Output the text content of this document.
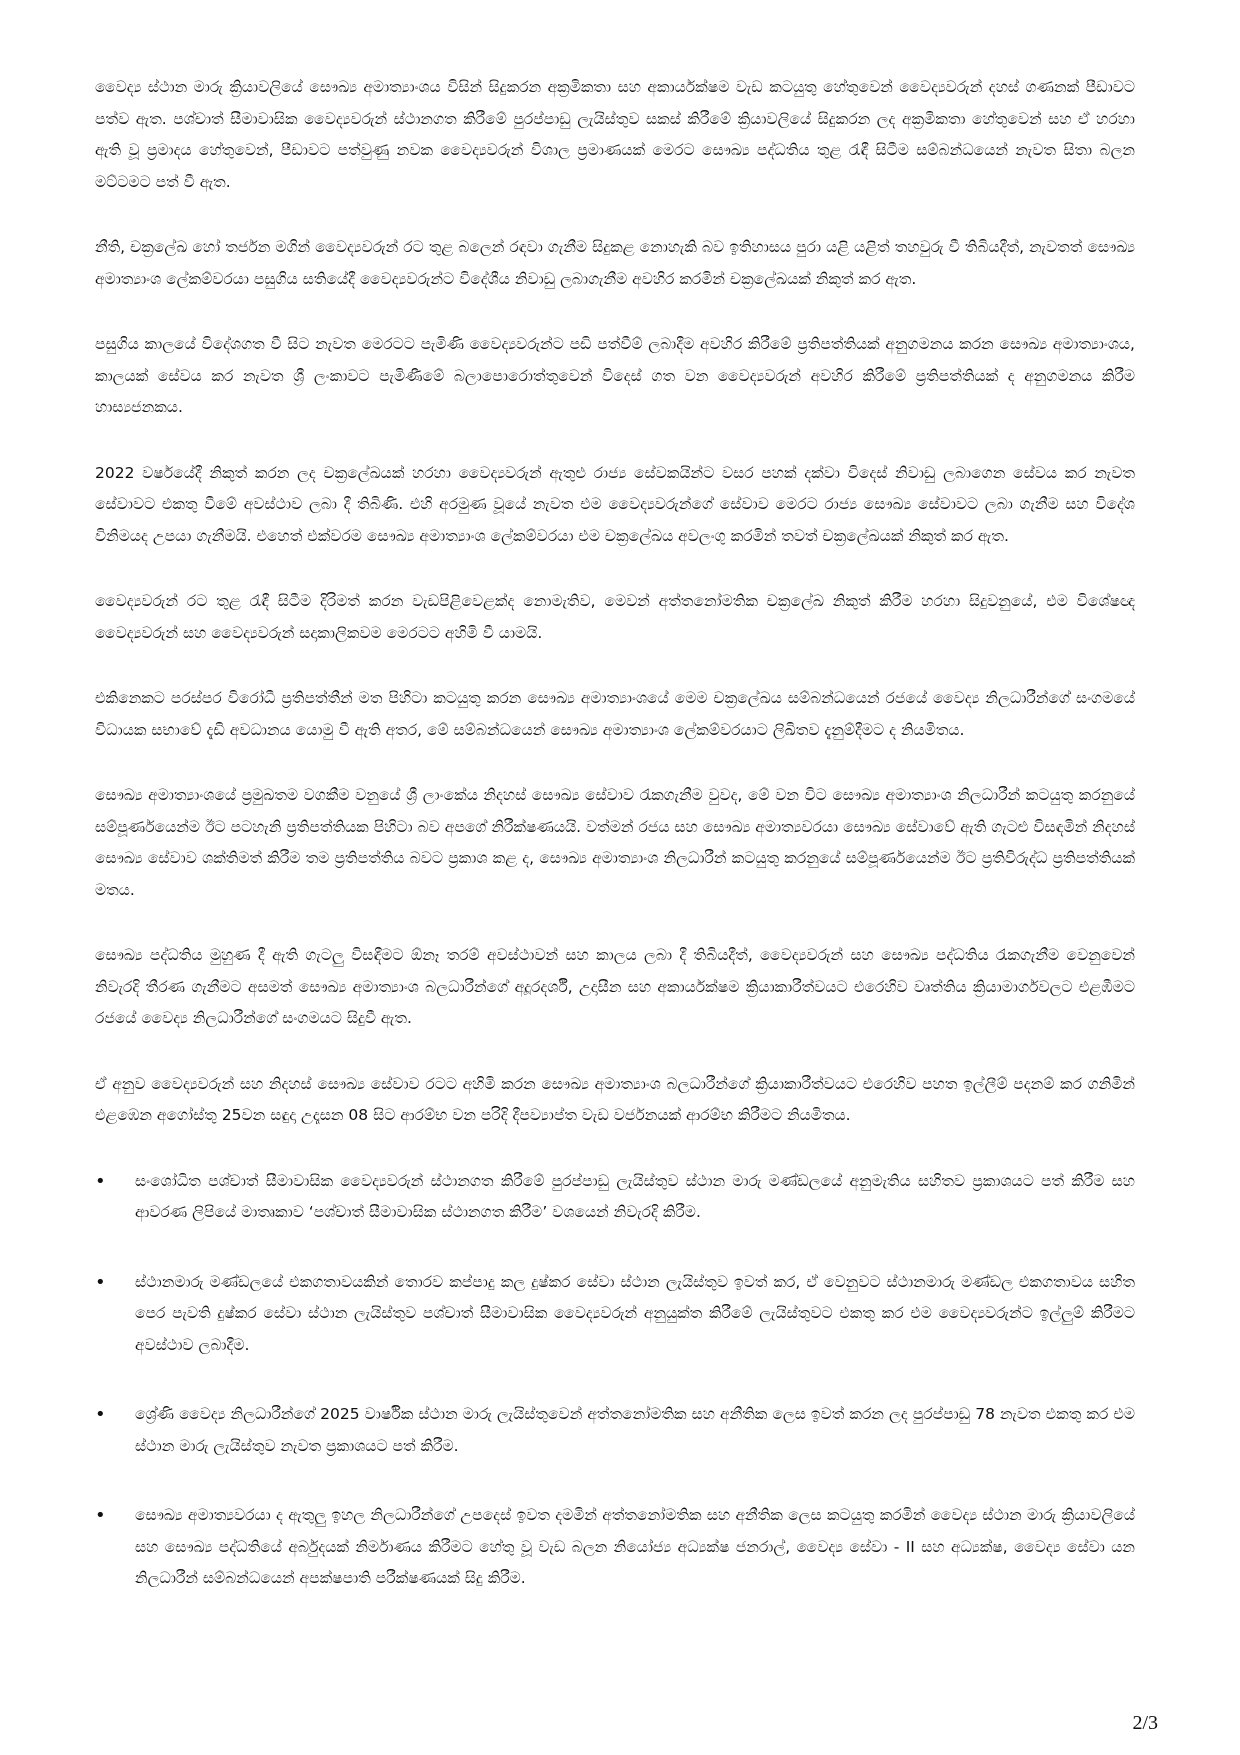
වෛද්‍ය ස්ථාන මාරු ක්‍රියාවලියේ සෞඛ්‍ය අමාත්‍යාංශය විසින් සිදුකරන අක්‍රමිකතා සහ අකාර්යක්ෂම වැඩ කටයුතු හේතුවෙන් වෛද්‍යවරුන් දහස් ගණනක් පීඩාවට පත්ව ඇත. පශ්චාත් සීමාවාසික වෛද්‍යවරුන් ස්ථානගත කිරීමේ පුරප්පාඩු ලැයිස්තුව සකස් කිරීමේ ක්‍රියාවලියේ සිදුකරන ලද අක්‍රමිකතා හේතුවෙන් සහ ඒ හරහා ඇති වූ ප්‍රමාදය හේතුවෙන්, පීඩාවට පත්වුණු නවක වෛද්‍යවරුන් විශාල ප්‍රමාණයක් මෙරට සෞඛ්‍ය පද්ධතිය තුළ රැඳී සිටීම සම්බන්ධයෙන් නැවත සිතා බලන මට්ටමට පත් වී ඇත.

නීති, චක්‍රලේඛ හෝ තර්ජන මගින් වෛද්‍යවරුන් රට තුළ බලෙන් රඳවා ගැනීම සිදුකළ නොහැකි බව ඉතිහාසය පුරා යළි යළිත් තහවුරු වී තිබියදීත්, නැවතත් සෞඛ්‍ය අමාත්‍යාංශ ලේකම්වරයා පසුගිය සතියේදී වෛද්‍යවරුන්ට විදේශීය නිවාඩු ලබාගැනීම අවහිර කරමින් චක්‍රලේඛයක් නිකුත් කර ඇත.

පසුගිය කාලයේ විදේශගත වී සිට නැවත මෙරටට පැමිණි වෛද්‍යවරුන්ට පඩි පත්වීම් ලබාදීම අවහිර කිරීමේ ප්‍රතිපත්තියක් අනුගමනය කරන සෞඛ්‍ය අමාත්‍යාංශය, කාලයක් සේවය කර නැවත ශ්‍රී ලංකාවට පැමිණීමේ බලාපොරොත්තුවෙන් විදෙස් ගත වන වෛද්‍යවරුන් අවහිර කිරීමේ ප්‍රතිපත්තියක් ද අනුගමනය කිරීම හාස්‍යජනකය.

2022 වර්ෂයේදී නිකුත් කරන ලද චක්‍රලේඛයක් හරහා වෛද්‍යවරුන් ඇතුළු රාජ්‍ය සේවකයින්ට වසර පහක් දක්වා විදෙස් නිවාඩු ලබාගෙන සේවය කර නැවත සේවාවට එකතු වීමේ අවස්ථාව ලබා දී තිබිණි. එහි අරමුණ වූයේ නැවත එම වෛද්‍යවරුන්ගේ සේවාව මෙරට රාජ්‍ය සෞඛ්‍ය සේවාවට ලබා ගැනීම සහ විදේශ විනිමයද උපයා ගැනීමයි. එහෙත් එක්වරම සෞඛ්‍ය අමාත්‍යාංශ ලේකම්වරයා එම චක්‍රලේඛය අවලංගු කරමින් තවත් චක්‍රලේඛයක් නිකුත් කර ඇත.

වෛද්‍යවරුන් රට තුළ රැඳී සිටීම දිරිමත් කරන වැඩපිළිවෙළක්ද නොමැතිව, මෙවන් අත්තනෝමතික චක්‍රලේඛ නිකුත් කිරීම හරහා සිදුවනුයේ, එම විශේෂඥ වෛද්‍යවරුන් සහ වෛද්‍යවරුන් සදාකාලිකවම මෙරටට අහිමි වී යාමයි.

එකිනෙකට පරස්පර විරෝධී ප්‍රතිපත්තීන් මත පිහිටා කටයුතු කරන සෞඛ්‍ය අමාත්‍යාංශයේ මෙම චක්‍රලේඛය සම්බන්ධයෙන් රජයේ වෛද්‍ය නිලධාරීන්ගේ සංගමයේ විධායක සභාවේ දැඩි අවධානය යොමු වී ඇති අතර, මේ සම්බන්ධයෙන් සෞඛ්‍ය අමාත්‍යාංශ ලේකම්වරයාට ලිඛිතව දැනුම්දීමට ද නියමිතය.

සෞඛ්‍ය අමාත්‍යාංශයේ ප්‍රමුඛතම වගකීම වනුයේ ශ්‍රී ලාංකේය නිදහස් සෞඛ්‍ය සේවාව රැකගැනීම වුවද, මේ වන විට සෞඛ්‍ය අමාත්‍යාංශ නිලධාරීන් කටයුතු කරනුයේ සම්පූර්ණයෙන්ම ඊට පටහැනි ප්‍රතිපත්තියක පිහිටා බව අපගේ නිරීක්ෂණයයි. වත්මන් රජය සහ සෞඛ්‍ය අමාත්‍යවරයා සෞඛ්‍ය සේවාවේ ඇති ගැටළු විසඳමින් නිදහස් සෞඛ්‍ය සේවාව ශක්තිමත් කිරීම තම ප්‍රතිපත්තිය බවට ප්‍රකාශ කළ ද, සෞඛ්‍ය අමාත්‍යාංශ නිලධාරීන් කටයුතු කරනුයේ සම්පූර්ණයෙන්ම ඊට ප්‍රතිවිරුද්ධ ප්‍රතිපත්තියක් මතය.

සෞඛ්‍ය පද්ධතිය මුහුණ දී ඇති ගැටලු විසඳීමට ඕනෑ තරම් අවස්ථාවන් සහ කාලය ලබා දී තිබියදීත්, වෛද්‍යවරුන් සහ සෞඛ්‍ය පද්ධතිය රැකගැනීම වෙනුවෙන් නිවැරදි තීරණ ගැනීමට අසමත් සෞඛ්‍ය අමාත්‍යාංශ බලධාරීන්ගේ අදූරදර්ශී, උදාසීන සහ අකාර්යක්ෂම ක්‍රියාකාරීත්වයට එරෙහිව වෘත්තිය ක්‍රියාමාර්ගවලට එළඹීමට රජයේ වෛද්‍ය නිලධාරීන්ගේ සංගමයට සිදුවී ඇත.

ඒ අනුව වෛද්‍යවරුන් සහ නිදහස් සෞඛ්‍ය සේවාව රටට අහිමි කරන සෞඛ්‍ය අමාත්‍යාංශ බලධාරීන්ගේ ක්‍රියාකාරීත්වයට එරෙහිව පහත ඉල්ලීම් පදනම් කර ගනිමින් එළඹෙන අගෝස්තු 25වන සඳුදා උදෑසන 08 සිට ආරම්භ වන පරිදි දීපව්‍යාප්ත වැඩ වර්ජනයක් ආරම්භ කිරීමට නියමිතය.

• සංශෝධිත පශ්චාත් සීමාවාසික වෛද්‍යවරුන් ස්ථානගත කිරීමේ පුරප්පාඩු ලැයිස්තුව ස්ථාන මාරු මණ්ඩලයේ අනුමැතිය සහිතව ප්‍රකාශයට පත් කිරීම සහ ආවරණ ලිපියේ මාතෘකාව ‘පශ්චාත් සීමාවාසික ස්ථානගත කිරීම’ වශයෙන් නිවැරදි කිරීම.
• ස්ථානමාරු මණ්ඩලයේ එකගතාවයකින් තොරව කප්පාදු කල දුෂ්කර සේවා ස්ථාන ලැයිස්තුව ඉවත් කර, ඒ වෙනුවට ස්ථානමාරු මණ්ඩල එකගතාවය සහිත පෙර පැවති දුෂ්කර සේවා ස්ථාන ලැයිස්තුව පශ්චාත් සීමාවාසික වෛද්‍යවරුන් අනුයුක්ත කිරීමේ ලැයිස්තුවට එකතු කර එම වෛද්‍යවරුන්ට ඉල්ලුම් කිරීමට අවස්ථාව ලබාදීම.
• ශ්‍රේණි වෛද්‍ය නිලධාරීන්ගේ 2025 වාර්ෂික ස්ථාන මාරු ලැයිස්තුවෙන් අත්තනෝමතික සහ අනීතික ලෙස ඉවත් කරන ලද පුරප්පාඩු 78 නැවත එකතු කර එම ස්ථාන මාරු ලැයිස්තුව නැවත ප්‍රකාශයට පත් කිරීම.
• සෞඛ්‍ය අමාත්‍යවරයා ද ඇතුලු ඉහල නිලධාරීන්ගේ උපදෙස් ඉවත දමමින් අත්තනෝමතික සහ අනීතික ලෙස කටයුතු කරමින් වෛද්‍ය ස්ථාන මාරු ක්‍රියාවලියේ සහ සෞඛ්‍ය පද්ධතියේ අර්බුදයක් නිර්මාණය කිරීමට හේතු වූ වැඩ බලන නියෝජ්‍ය අධ්‍යක්ෂ ජනරාල්, වෛද්‍ය සේවා - II සහ අධ්‍යක්ෂ, වෛද්‍ය සේවා යන නිලධාරීන් සම්බන්ධයෙන් අපක්ෂපාති පරීක්ෂණයක් සිදු කිරීම.
2/3
